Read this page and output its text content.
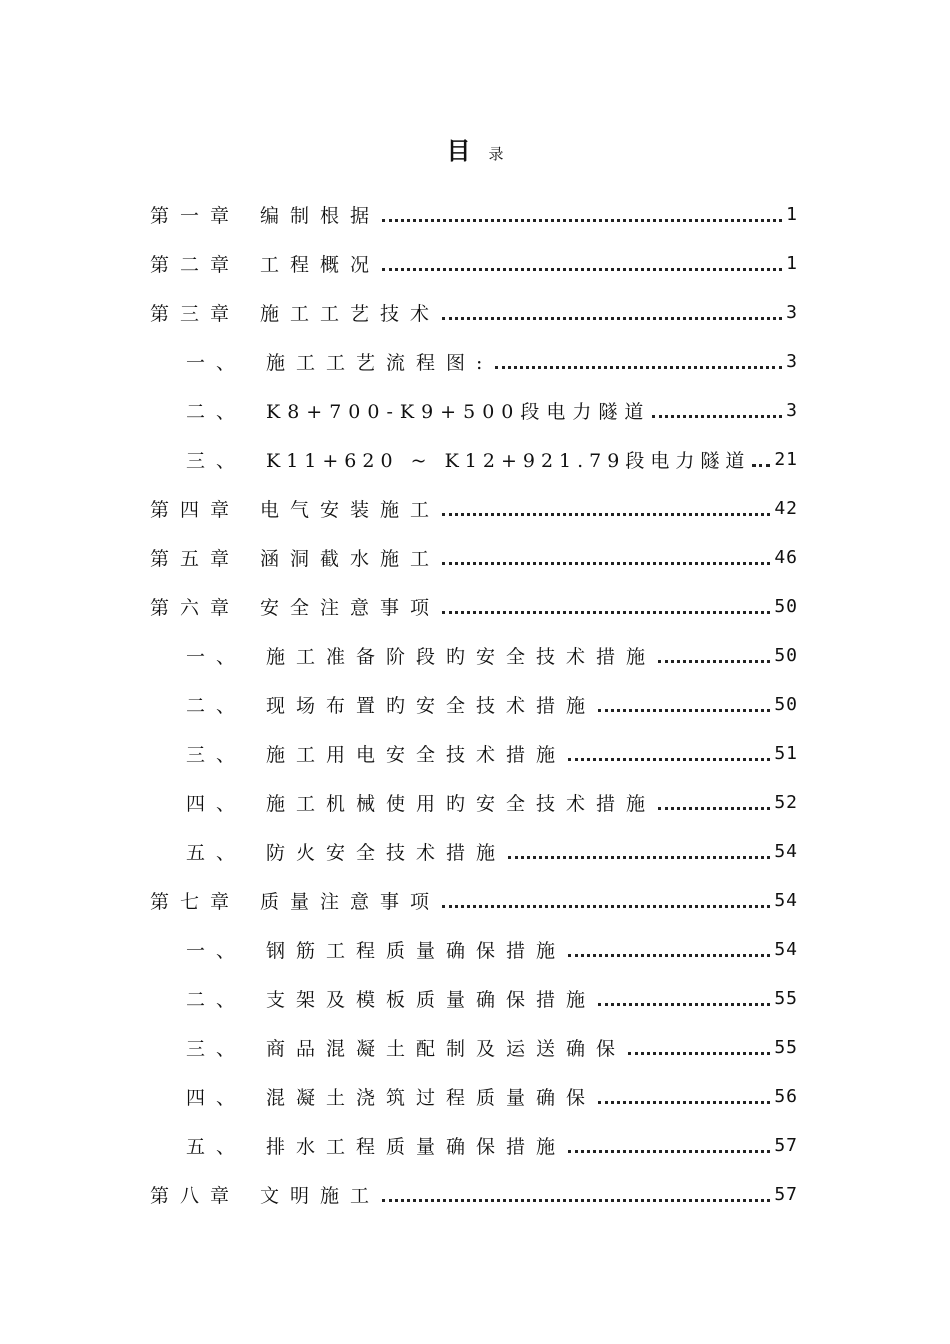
目 录
第一章 编制根据	1
第二章 工程概况	1
第三章 施工工艺技术	3
一、 施工工艺流程图:	3
二、 K8+700-K9+500段电力隧道	3
三、 K11+620 ~ K12+921.79段电力隧道 21
第四章 电气安装施工	42
第五章 涵洞截水施工	46
第六章 安全注意事项	50
一、 施工准备阶段旳安全技术措施	50
二、 现场布置旳安全技术措施	50
三、 施工用电安全技术措施	51
四、 施工机械使用旳安全技术措施	52
五、 防火安全技术措施	54
第七章 质量注意事项	54
一、 钢筋工程质量确保措施	54
二、 支架及模板质量确保措施	55
三、 商品混凝土配制及运送确保	55
四、 混凝土浇筑过程质量确保	56
五、 排水工程质量确保措施	57
第八章 文明施工	57
